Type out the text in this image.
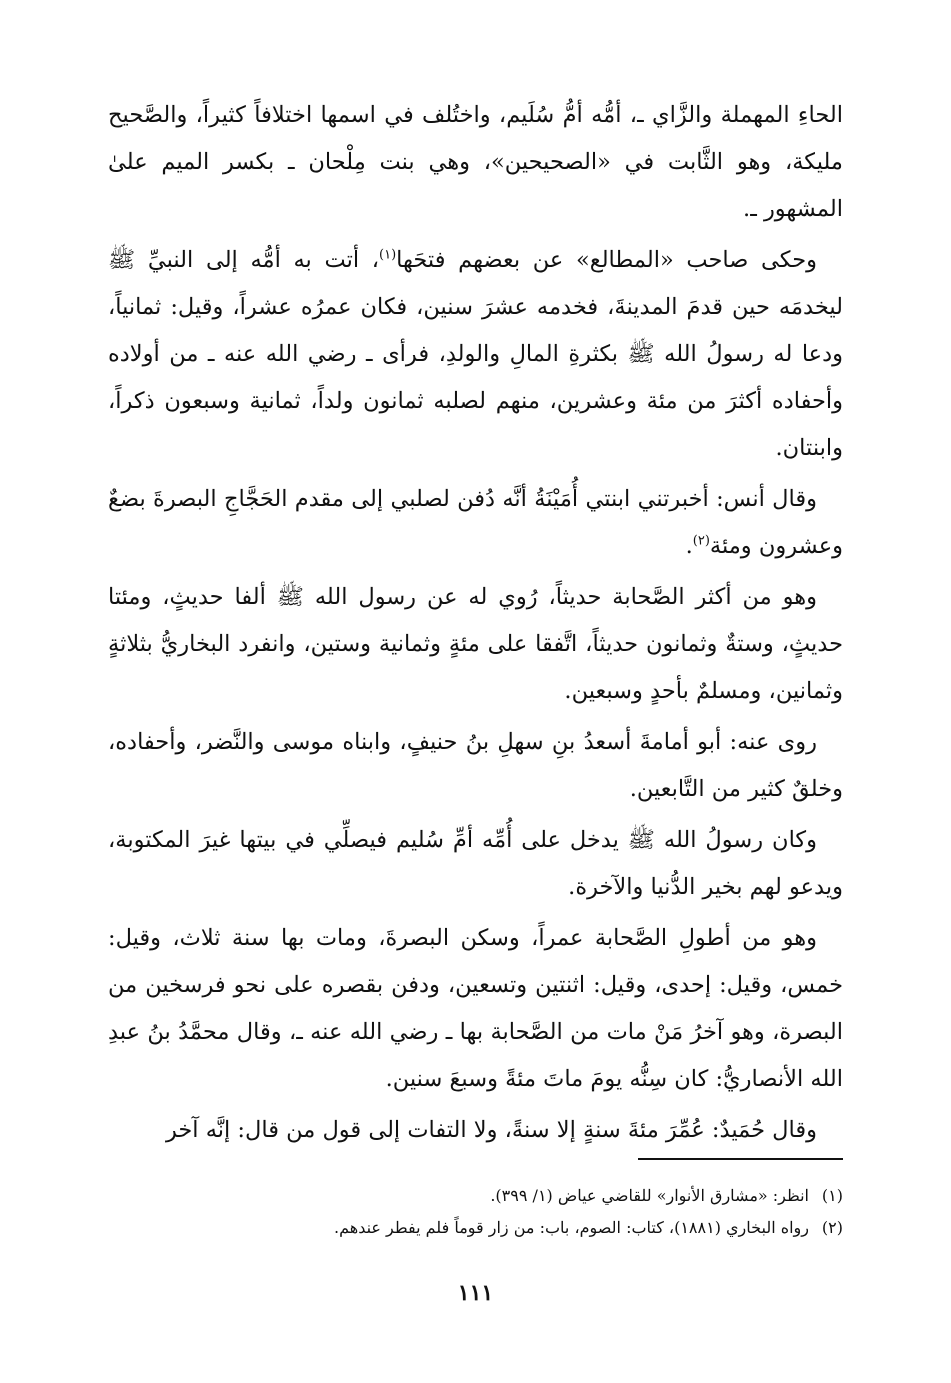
الحاءِ المهملة والزَّاي ـ، أمُّه أمُّ سُلَيم، واختُلف في اسمها اختلافاً كثيراً، والصَّحيح مليكة، وهو الثَّابت في «الصحيحين»، وهي بنت مِلْحان ـ بكسر الميم علىٰ المشهور ـ.

وحكى صاحب «المطالع» عن بعضهم فتحَها$^{(١)}$، أتت به أمُّه إلى النبيِّ ﷺ ليخدمَه حين قدمَ المدينةَ، فخدمه عشرَ سنين، فكان عمرُه عشراً، وقيل: ثمانياً، ودعا له رسولُ الله ﷺ بكثرةِ المالِ والولدِ، فرأى ـ رضي الله عنه ـ من أولاده وأحفاده أكثرَ من مئة وعشرين، منهم لصلبه ثمانون ولداً، ثمانية وسبعون ذكراً، وابنتان.

وقال أنس: أخبرتني ابنتي أُمَيْنَةُ أنَّه دُفن لصلبي إلى مقدم الحَجَّاجِ البصرةَ بضعٌ وعشرون ومئة$^{(٢)}$.

وهو من أكثر الصَّحابة حديثاً، رُوي له عن رسول الله ﷺ ألفا حديثٍ، ومئتا حديثٍ، وستةٌ وثمانون حديثاً، اتَّفقا على مئةٍ وثمانية وستين، وانفرد البخاريُّ بثلاثةٍ وثمانين، ومسلمٌ بأحدٍ وسبعين.

روى عنه: أبو أمامةَ أسعدُ بنِ سهلِ بنُ حنيفٍ، وابناه موسى والنَّضر، وأحفاده، وخلقٌ كثير من التَّابعين.

وكان رسولُ الله ﷺ يدخل على أُمِّه أمِّ سُليم فيصلِّي في بيتها غيرَ المكتوبة، ويدعو لهم بخير الدُّنيا والآخرة.

وهو من أطولِ الصَّحابة عمراً، وسكن البصرةَ، ومات بها سنة ثلاث، وقيل: خمس، وقيل: إحدى، وقيل: اثنتين وتسعين، ودفن بقصره على نحو فرسخين من البصرة، وهو آخرُ مَنْ مات من الصَّحابة بها ـ رضي الله عنه ـ، وقال محمَّدُ بنُ عبدِ الله الأنصاريُّ: كان سِنُّه يومَ ماتَ مئةً وسبعَ سنين.

وقال حُمَيدٌ: عُمِّرَ مئةَ سنةٍ إلا سنةً، ولا التفات إلى قول من قال: إنَّه آخر

(١)انظر: «مشارق الأنوار» للقاضي عياض (١/ ٣٩٩).

(٢)رواه البخاري (١٨٨١)، كتاب: الصوم، باب: من زار قوماً فلم يفطر عندهم.

١١١
